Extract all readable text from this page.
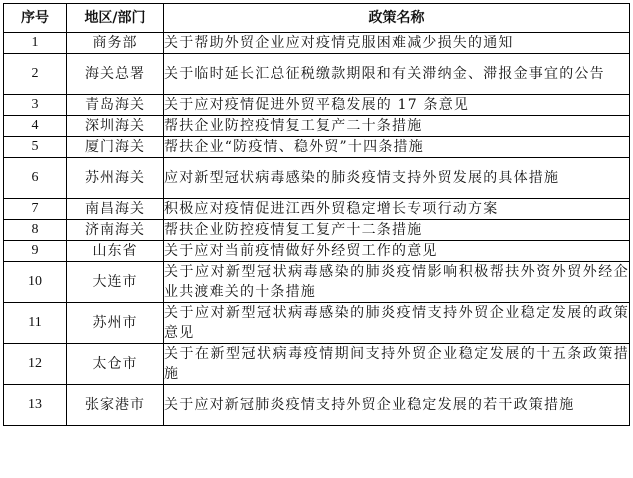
序号	地区/部门	政策名称
1	商务部	关于帮助外贸企业应对疫情克服困难减少损失的通知
2	海关总署	关于临时延长汇总征税缴款期限和有关滞纳金、滞报金事宜的公告
3	青岛海关	关于应对疫情促进外贸平稳发展的 17 条意见
4	深圳海关	帮扶企业防控疫情复工复产二十条措施
5	厦门海关	帮扶企业“防疫情、稳外贸”十四条措施
6	苏州海关	应对新型冠状病毒感染的肺炎疫情支持外贸发展的具体措施
7	南昌海关	积极应对疫情促进江西外贸稳定增长专项行动方案
8	济南海关	帮扶企业防控疫情复工复产十二条措施
9	山东省	关于应对当前疫情做好外经贸工作的意见
10	大连市	关于应对新型冠状病毒感染的肺炎疫情影响积极帮扶外资外贸外经企业共渡难关的十条措施
11	苏州市	关于应对新型冠状病毒感染的肺炎疫情支持外贸企业稳定发展的政策意见
12	太仓市	关于在新型冠状病毒疫情期间支持外贸企业稳定发展的十五条政策措施
13	张家港市	关于应对新冠肺炎疫情支持外贸企业稳定发展的若干政策措施
